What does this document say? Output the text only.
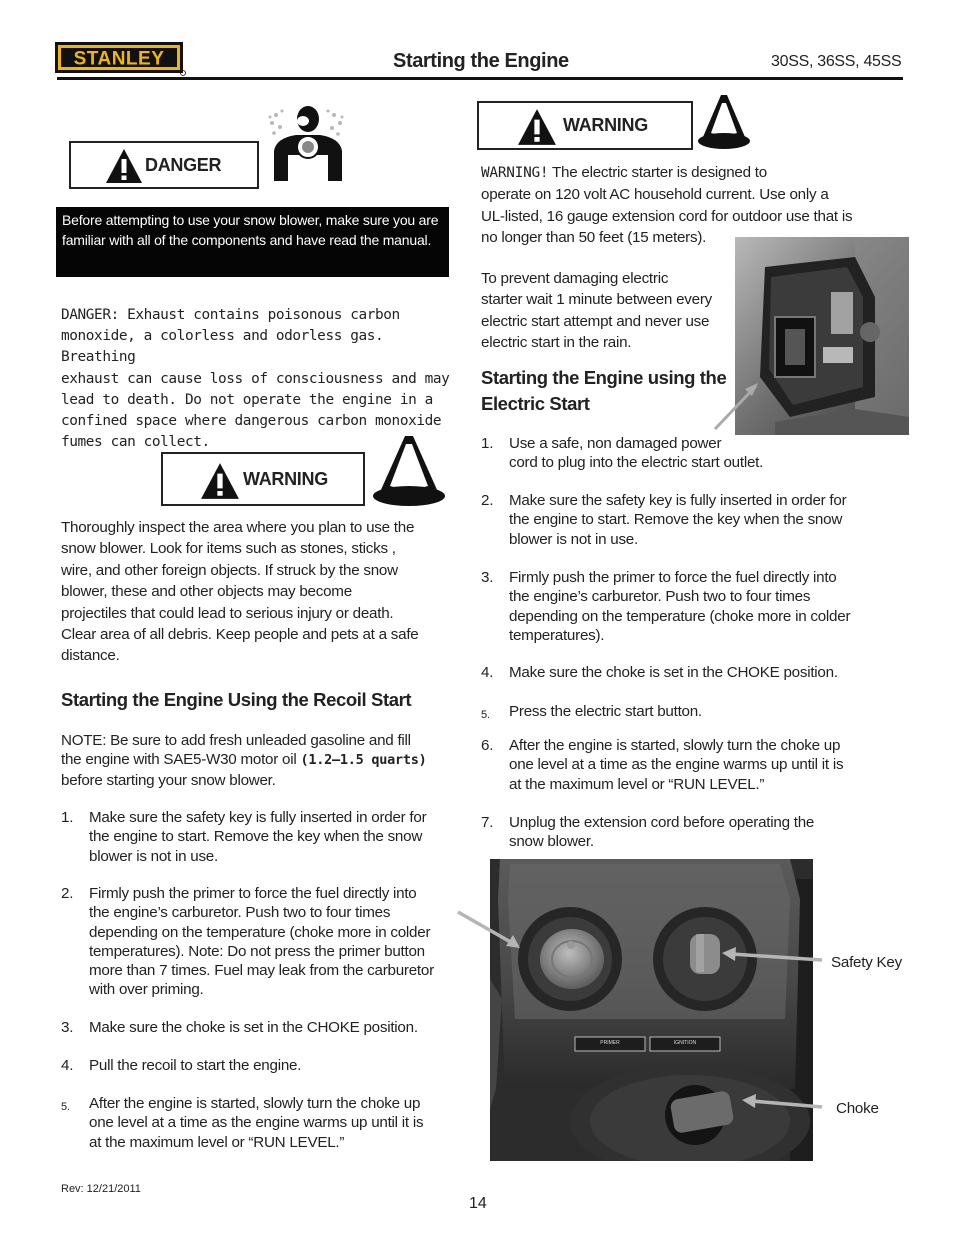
STANLEY	Starting the Engine	30SS, 36SS, 45SS
DANGER
Before attempting to use your snow blower, make sure you are familiar with all of the components and have read the manual.
DANGER: Exhaust contains poisonous carbon
monoxide, a colorless and odorless gas. Breathing
exhaust can cause loss of consciousness and may
lead to death. Do not operate the engine in a
confined space where dangerous carbon monoxide
fumes can collect.
WARNING
Thoroughly inspect the area where you plan to use the
snow blower. Look for items such as stones, sticks ,
wire, and other foreign objects. If struck by the snow
blower, these and other objects may become
projectiles that could lead to serious injury or death.
Clear area of all debris. Keep people and pets at a safe
distance.
Starting the Engine Using the Recoil Start
NOTE: Be sure to add fresh unleaded gasoline and fill
the engine with SAE5-W30 motor oil (1.2—1.5 quarts)
before starting your snow blower.
1. Make sure the safety key is fully inserted in order for
the engine to start. Remove the key when the snow
blower is not in use.
2. Firmly push the primer to force the fuel directly into
the engine’s carburetor. Push two to four times
depending on the temperature (choke more in colder
temperatures). Note: Do not press the primer button
more than 7 times. Fuel may leak from the carburetor
with over priming.
3. Make sure the choke is set in the CHOKE position.
4. Pull the recoil to start the engine.
5. After the engine is started, slowly turn the choke up
one level at a time as the engine warms up until it is
at the maximum level or “RUN LEVEL.”
WARNING
WARNING! The electric starter is designed to
operate on 120 volt AC household current. Use only a
UL-listed, 16 gauge extension cord for outdoor use that is
no longer than 50 feet (15 meters).
To prevent damaging electric
starter wait 1 minute between every
electric start attempt and never use
electric start in the rain.
Starting the Engine using the
Electric Start
1. Use a safe, non damaged power
cord to plug into the electric start outlet.
2. Make sure the safety key is fully inserted in order for
the engine to start. Remove the key when the snow
blower is not in use.
3. Firmly push the primer to force the fuel directly into
the engine’s carburetor. Push two to four times
depending on the temperature (choke more in colder
temperatures).
4. Make sure the choke is set in the CHOKE position.
5. Press the electric start button.
6. After the engine is started, slowly turn the choke up
one level at a time as the engine warms up until it is
at the maximum level or “RUN LEVEL.”
7. Unplug the extension cord before operating the
snow blower.
PRIMER	IGNITION
Safety Key
Choke
Rev: 12/21/2011
14
